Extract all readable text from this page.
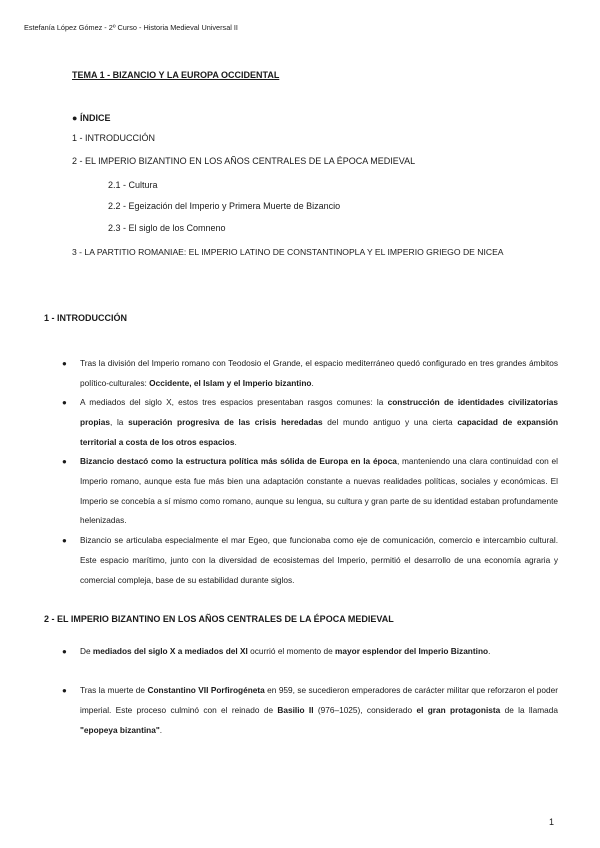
Estefanía López Gómez - 2º Curso - Historia Medieval Universal II
TEMA 1 - BIZANCIO Y LA EUROPA OCCIDENTAL
● ÍNDICE
1 - INTRODUCCIÓN
2 - EL IMPERIO BIZANTINO EN LOS AÑOS CENTRALES DE LA ÉPOCA MEDIEVAL
2.1 - Cultura
2.2 - Egeización del Imperio y Primera Muerte de Bizancio
2.3 - El siglo de los Comneno
3 - LA PARTITIO ROMANIAE: EL IMPERIO LATINO DE CONSTANTINOPLA Y EL IMPERIO GRIEGO DE NICEA
1 - INTRODUCCIÓN
● Tras la división del Imperio romano con Teodosio el Grande, el espacio mediterráneo quedó configurado en tres grandes ámbitos político-culturales: Occidente, el Islam y el Imperio bizantino.

● A mediados del siglo X, estos tres espacios presentaban rasgos comunes: la construcción de identidades civilizatorias propias, la superación progresiva de las crisis heredadas del mundo antiguo y una cierta capacidad de expansión territorial a costa de los otros espacios.

● Bizancio destacó como la estructura política más sólida de Europa en la época, manteniendo una clara continuidad con el Imperio romano, aunque esta fue más bien una adaptación constante a nuevas realidades políticas, sociales y económicas. El Imperio se concebía a sí mismo como romano, aunque su lengua, su cultura y gran parte de su identidad estaban profundamente helenizadas.

● Bizancio se articulaba especialmente el mar Egeo, que funcionaba como eje de comunicación, comercio e intercambio cultural. Este espacio marítimo, junto con la diversidad de ecosistemas del Imperio, permitió el desarrollo de una economía agraria y comercial compleja, base de su estabilidad durante siglos.

2 - EL IMPERIO BIZANTINO EN LOS AÑOS CENTRALES DE LA ÉPOCA MEDIEVAL
● De mediados del siglo X a mediados del XI ocurrió el momento de mayor esplendor del Imperio Bizantino.

● Tras la muerte de Constantino VII Porfirogéneta en 959, se sucedieron emperadores de carácter militar que reforzaron el poder imperial. Este proceso culminó con el reinado de Basilio II (976–1025), considerado el gran protagonista de la llamada "epopeya bizantina".

1
